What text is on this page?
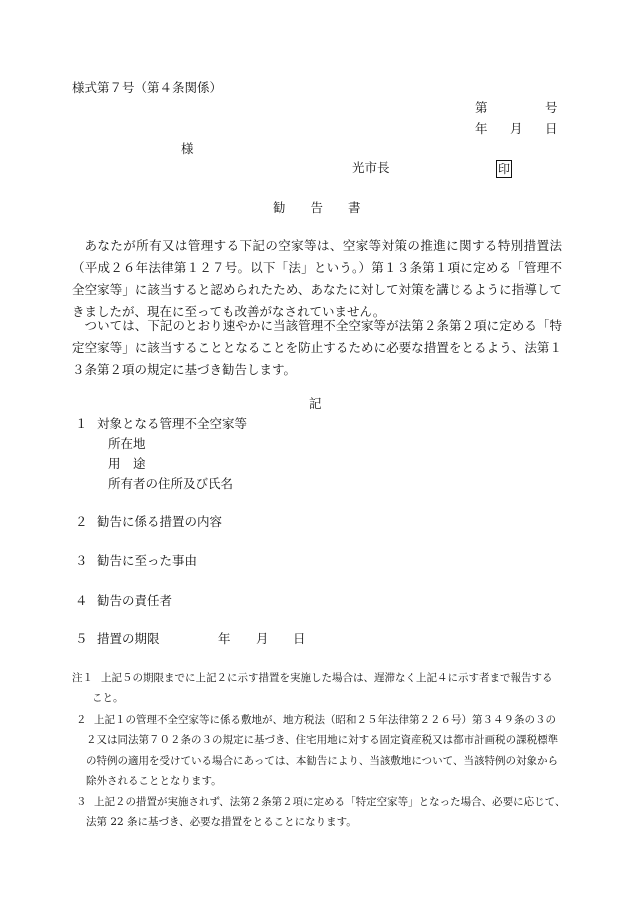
様式第７号（第４条関係）
第	号
年 月 日
様
光市長	印
勧　　告　　書
あなたが所有又は管理する下記の空家等は、空家等対策の推進に関する特別措置法（平成２６年法律第１２７号。以下「法」という。）第１３条第１項に定める「管理不全空家等」に該当すると認められたため、あなたに対して対策を講じるように指導してきましたが、現在に至っても改善がなされていません。
ついては、下記のとおり速やかに当該管理不全空家等が法第２条第２項に定める「特定空家等」に該当することとなることを防止するために必要な措置をとるよう、法第１３条第２項の規定に基づき勧告します。
記
１ 対象となる管理不全空家等
所在地
用　途
所有者の住所及び氏名
２ 勧告に係る措置の内容
３ 勧告に至った事由
４ 勧告の責任者
５ 措置の期限	年 月 日
注１ 上記５の期限までに上記２に示す措置を実施した場合は、遅滞なく上記４に示す者まで報告する
こと。
２ 上記１の管理不全空家等に係る敷地が、地方税法（昭和２５年法律第２２６号）第３４９条の３の
２又は同法第７０２条の３の規定に基づき、住宅用地に対する固定資産税又は都市計画税の課税標準
の特例の適用を受けている場合にあっては、本勧告により、当該敷地について、当該特例の対象から
除外されることとなります。
３ 上記２の措置が実施されず、法第２条第２項に定める「特定空家等」となった場合、必要に応じて、
法第 22 条に基づき、必要な措置をとることになります。
